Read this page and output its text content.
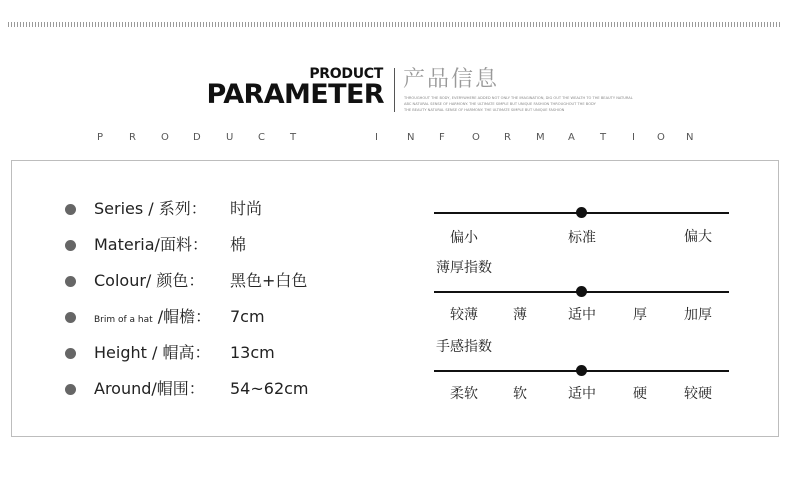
PRODUCT
PARAMETER 产品信息
THROUGHOUT THE BODY, EVERYWHERE ADDED NOT ONLY THE IMAGINATION, DIG OUT THE WEALTH TO THE BEAUTY NATURAL
ABC NATURAL SENSE OF HARMONY. THE ULTIMATE SIMPLE BUT UNIQUE FASHION THROUGHOUT THE BODY
THE BEAUTY NATURAL SENSE OF HARMONY. THE ULTIMATE SIMPLE BUT UNIQUE FASHION
P	R	O D	U C	T	I	N F	O R	M A	T	I O N
Series / 系列： 时尚
Materia/面料： 棉
Colour/ 颜色： 黑色+白色
Brim of a hat /帽檐： 7cm
Height / 帽高： 13cm
Around/帽围： 54~62cm
偏小	标准	偏大
薄厚指数
较薄	薄	适中	厚	加厚
手感指数
柔软	软	适中	硬	较硬
